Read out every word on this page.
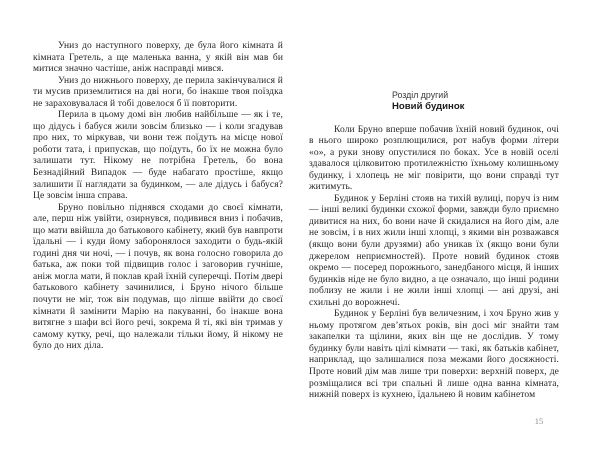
Униз до наступного поверху, де була його кімната й кімната Гретель, а ще маленька ванна, у якій він мав би митися значно частіше, аніж насправді мився.

Униз до нижнього поверху, де перила закінчувалися й ти мусив приземлитися на дві ноги, бо інакше твоя поїздка не зараховувалася й тобі довелося б її повторити.

Перила в цьому домі він любив найбільше — як і те, що дідусь і бабуся жили зовсім близько — і коли згадував про них, то міркував, чи вони теж поїдуть на місце нової роботи тата, і припускав, що поїдуть, бо їх не можна було залишати тут. Нікому не потрібна Гретель, бо вона Безнадійний Випадок — буде набагато простіше, якщо залишити її наглядати за будинком, — але дідусь і бабуся? Це зовсім інша справа.

Бруно повільно піднявся сходами до своєї кімнати, але, перш ніж увійти, озирнувся, подивився вниз і побачив, що мати ввійшла до батькового кабінету, який був навпроти їдальні — і куди йому заборонялося заходити о будь-якій годині дня чи ночі, — і почув, як вона голосно говорила до батька, аж поки той підвищив голос і заговорив гучніше, аніж могла мати, й поклав край їхній суперечці. Потім двері батькового кабінету зачинилися, і Бруно нічого більше почути не міг, тож він подумав, що ліпше ввійти до своєї кімнати й замінити Марію на пакуванні, бо інакше вона витягне з шафи всі його речі, зокрема й ті, які він тримав у самому кутку, речі, що належали тільки йому, й нікому не було до них діла.

Розділ другий
Новий будинок

Коли Бруно вперше побачив їхній новий будинок, очі в нього широко розплющилися, рот набув форми літери «о», а руки знову опустилися по боках. Усе в новій оселі здавалося цілковитою протилежністю їхньому колишньому будинку, і хлопець не міг повірити, що вони справді тут житимуть.

Будинок у Берліні стояв на тихій вулиці, поруч із ним — інші великі будинки схожої форми, завжди було приємно дивитися на них, бо вони наче й скидалися на його дім, але не зовсім, і в них жили інші хлопці, з якими він розважався (якщо вони були друзями) або уникав їх (якщо вони були джерелом неприємностей). Проте новий будинок стояв окремо — посеред порожнього, занедбаного місця, й інших будинків ніде не було видно, а це означало, що інші родини поблизу не жили і не жили інші хлопці — ані друзі, ані схильні до ворожнечі.

Будинок у Берліні був величезним, і хоч Бруно жив у ньому протягом дев’ятьох років, він досі міг знайти там закапелки та щілини, яких він ще не дослідив. У тому будинку були навіть цілі кімнати — такі, як батьків кабінет, наприклад, що залишалися поза межами його досяжності. Проте новий дім мав лише три поверхи: верхній поверх, де розміщалися всі три спальні й лише одна ванна кімната, нижній поверх із кухнею, їдальнею й новим кабінетом

15
